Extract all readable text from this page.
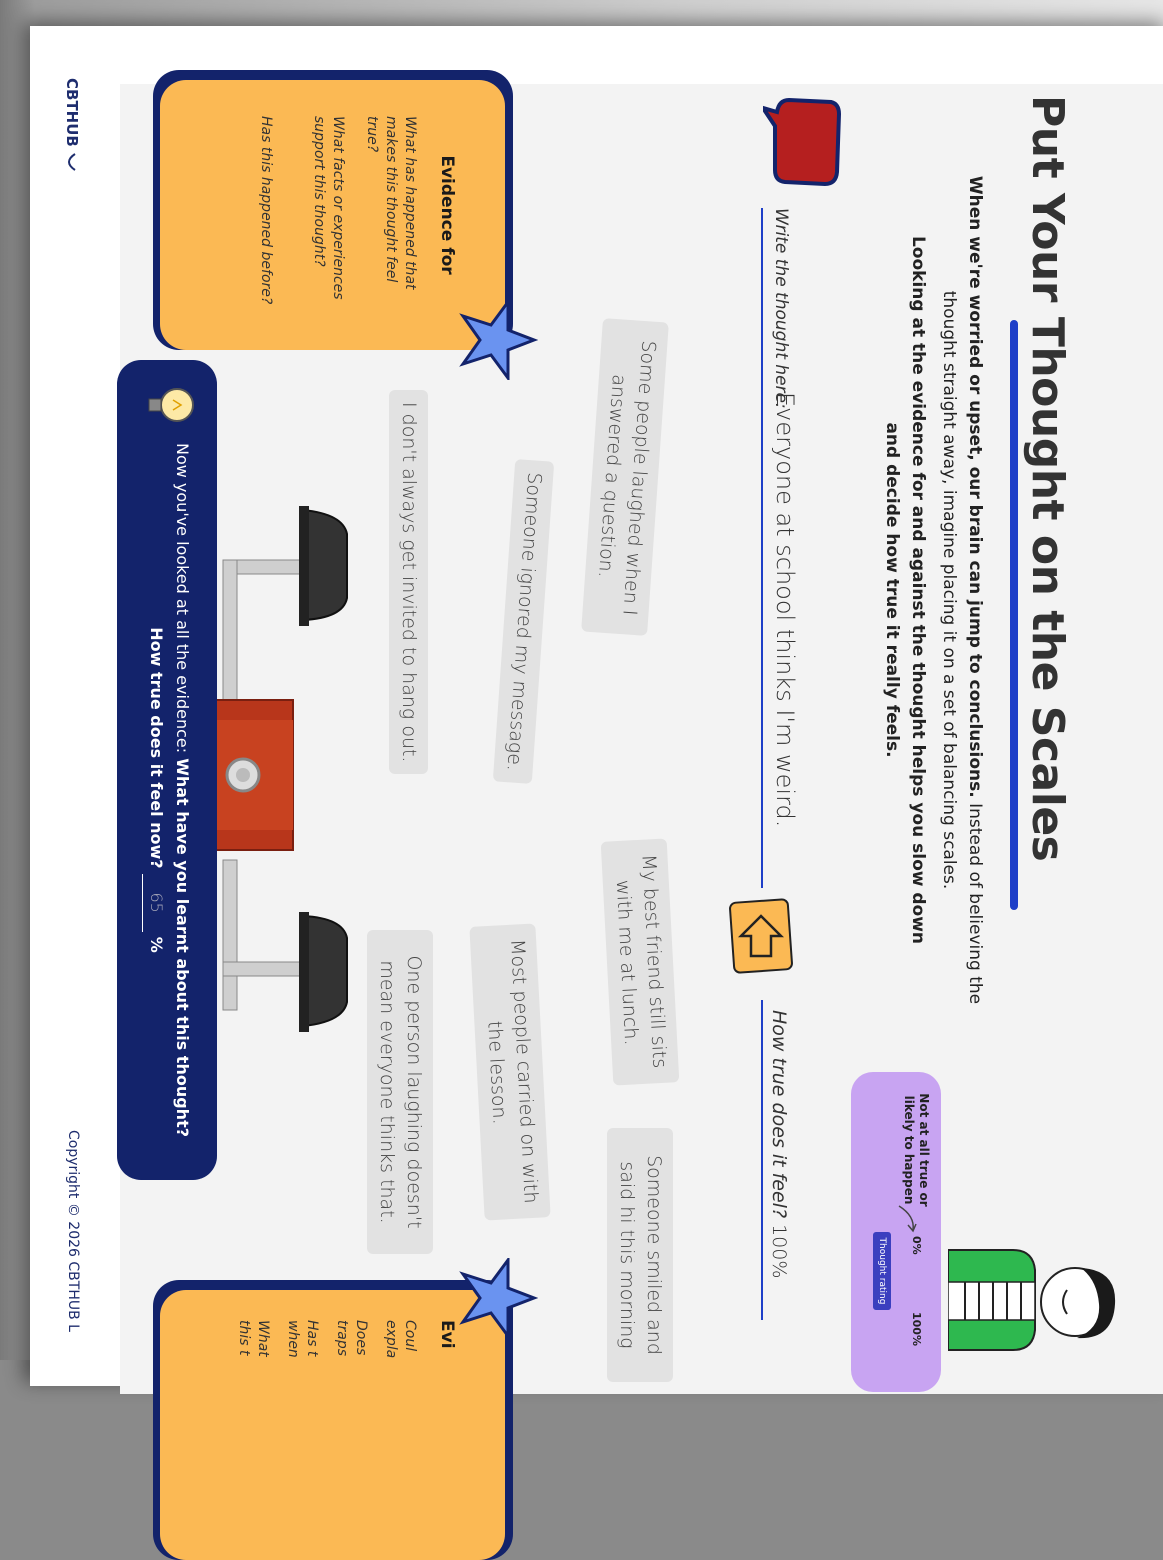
Put Your Thought on the Scales
When we're worried or upset, our brain can jump to conclusions. Instead of believing the thought straight away, imagine placing it on a set of balancing scales.
Looking at the evidence for and against the thought helps you slow down and decide how true it really feels.
Write the thought here:
Everyone at school thinks I'm weird.
How true does it feel? 100%
Not at all true or likely to happen
0%
Thought rating
100%
Evidence for
What has happened that makes this thought feel true?
What facts or experiences support this thought?
Has this happened before?
Evi
Coul
expla
Does
traps
Has t
when
What
this t
Some people laughed when I answered a question.
Someone ignored my message.
I don't always get invited to hang out.
My best friend still sits with me at lunch.
Someone smiled and said hi this morning
Most people carried on with the lesson.
One person laughing doesn't mean everyone thinks that.
Now you've looked at all the evidence: What have you learnt about this thought? How true does it feel now? 65 %
CBTHUB
Copyright © 2026 CBTHUB L
